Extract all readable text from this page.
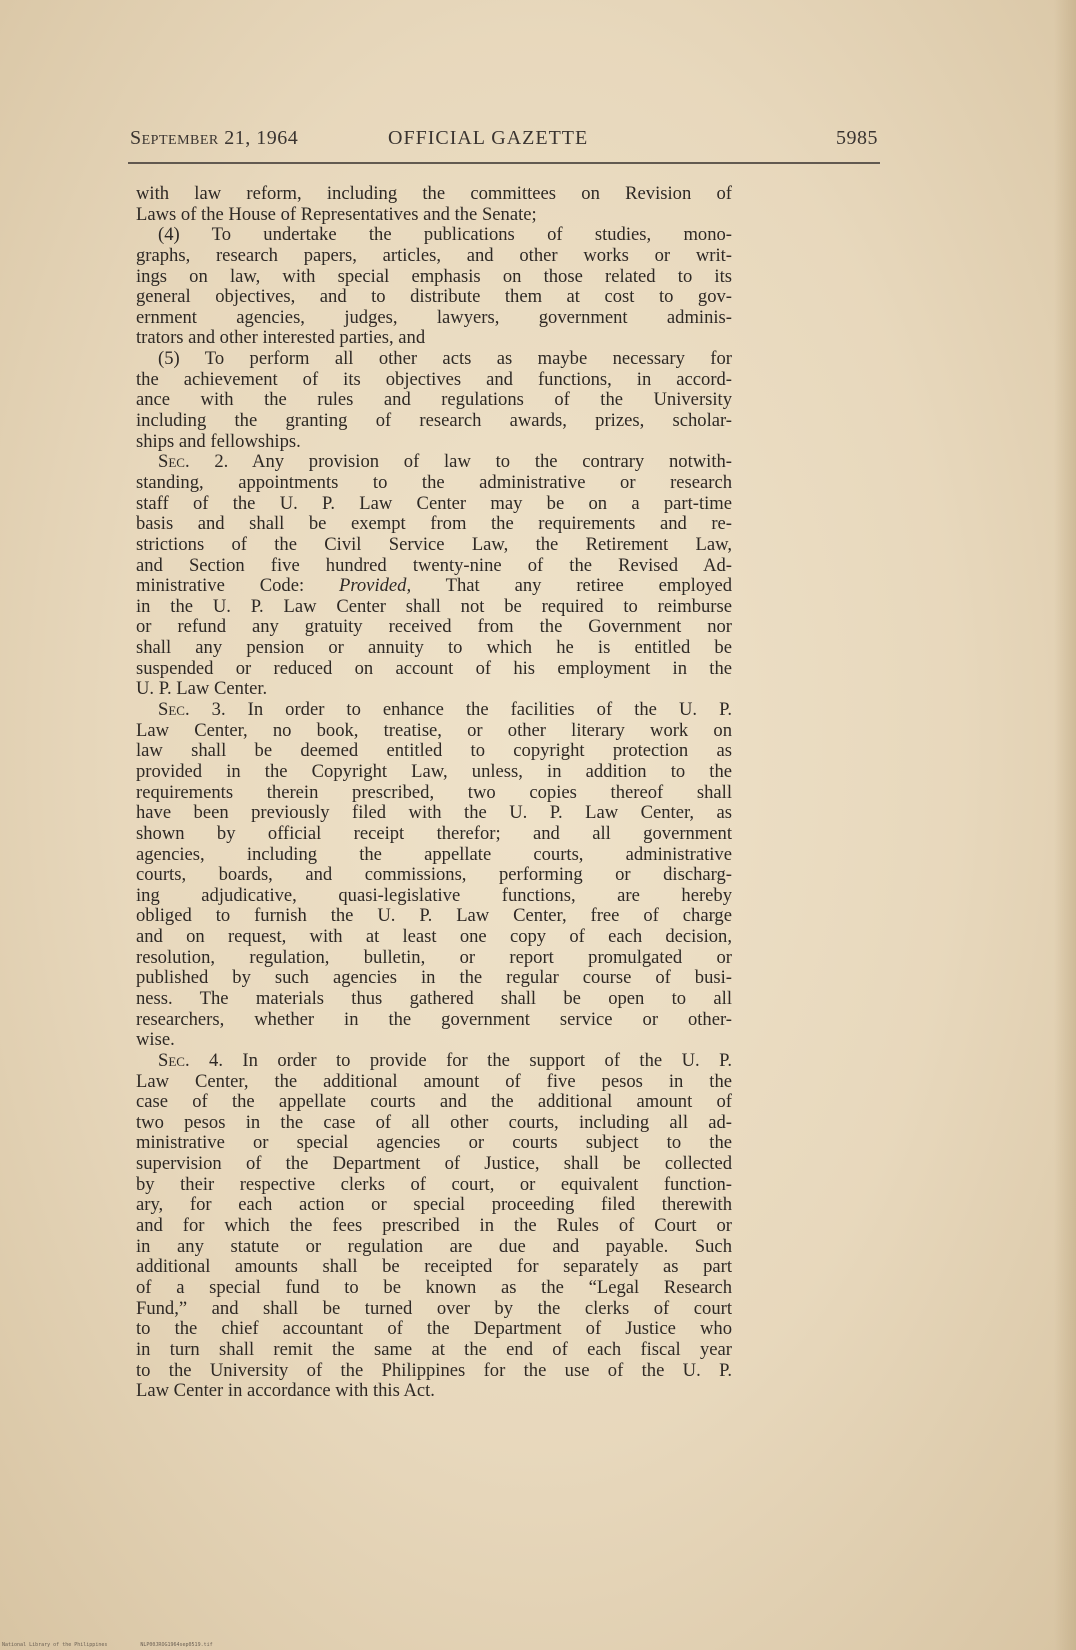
September 21, 1964	OFFICIAL GAZETTE	5985
with law reform, including the committees on Revision of
Laws of the House of Representatives and the Senate;
(4) To undertake the publications of studies, mono-
graphs, research papers, articles, and other works or writ-
ings on law, with special emphasis on those related to its
general objectives, and to distribute them at cost to gov-
ernment agencies, judges, lawyers, government adminis-
trators and other interested parties, and
(5) To perform all other acts as maybe necessary for
the achievement of its objectives and functions, in accord-
ance with the rules and regulations of the University
including the granting of research awards, prizes, scholar-
ships and fellowships.
Sec. 2. Any provision of law to the contrary notwith-
standing, appointments to the administrative or research
staff of the U. P. Law Center may be on a part-time
basis and shall be exempt from the requirements and re-
strictions of the Civil Service Law, the Retirement Law,
and Section five hundred twenty-nine of the Revised Ad-
ministrative Code: Provided, That any retiree employed
in the U. P. Law Center shall not be required to reimburse
or refund any gratuity received from the Government nor
shall any pension or annuity to which he is entitled be
suspended or reduced on account of his employment in the
U. P. Law Center.
Sec. 3. In order to enhance the facilities of the U. P.
Law Center, no book, treatise, or other literary work on
law shall be deemed entitled to copyright protection as
provided in the Copyright Law, unless, in addition to the
requirements therein prescribed, two copies thereof shall
have been previously filed with the U. P. Law Center, as
shown by official receipt therefor; and all government
agencies, including the appellate courts, administrative
courts, boards, and commissions, performing or discharg-
ing adjudicative, quasi-legislative functions, are hereby
obliged to furnish the U. P. Law Center, free of charge
and on request, with at least one copy of each decision,
resolution, regulation, bulletin, or report promulgated or
published by such agencies in the regular course of busi-
ness. The materials thus gathered shall be open to all
researchers, whether in the government service or other-
wise.
Sec. 4. In order to provide for the support of the U. P.
Law Center, the additional amount of five pesos in the
case of the appellate courts and the additional amount of
two pesos in the case of all other courts, including all ad-
ministrative or special agencies or courts subject to the
supervision of the Department of Justice, shall be collected
by their respective clerks of court, or equivalent function-
ary, for each action or special proceeding filed therewith
and for which the fees prescribed in the Rules of Court or
in any statute or regulation are due and payable. Such
additional amounts shall be receipted for separately as part
of a special fund to be known as the “Legal Research
Fund,” and shall be turned over by the clerks of court
to the chief accountant of the Department of Justice who
in turn shall remit the same at the end of each fiscal year
to the University of the Philippines for the use of the U. P.
Law Center in accordance with this Act.
National Library of the Philippines	NLP00JROG1964sep0519.tif
